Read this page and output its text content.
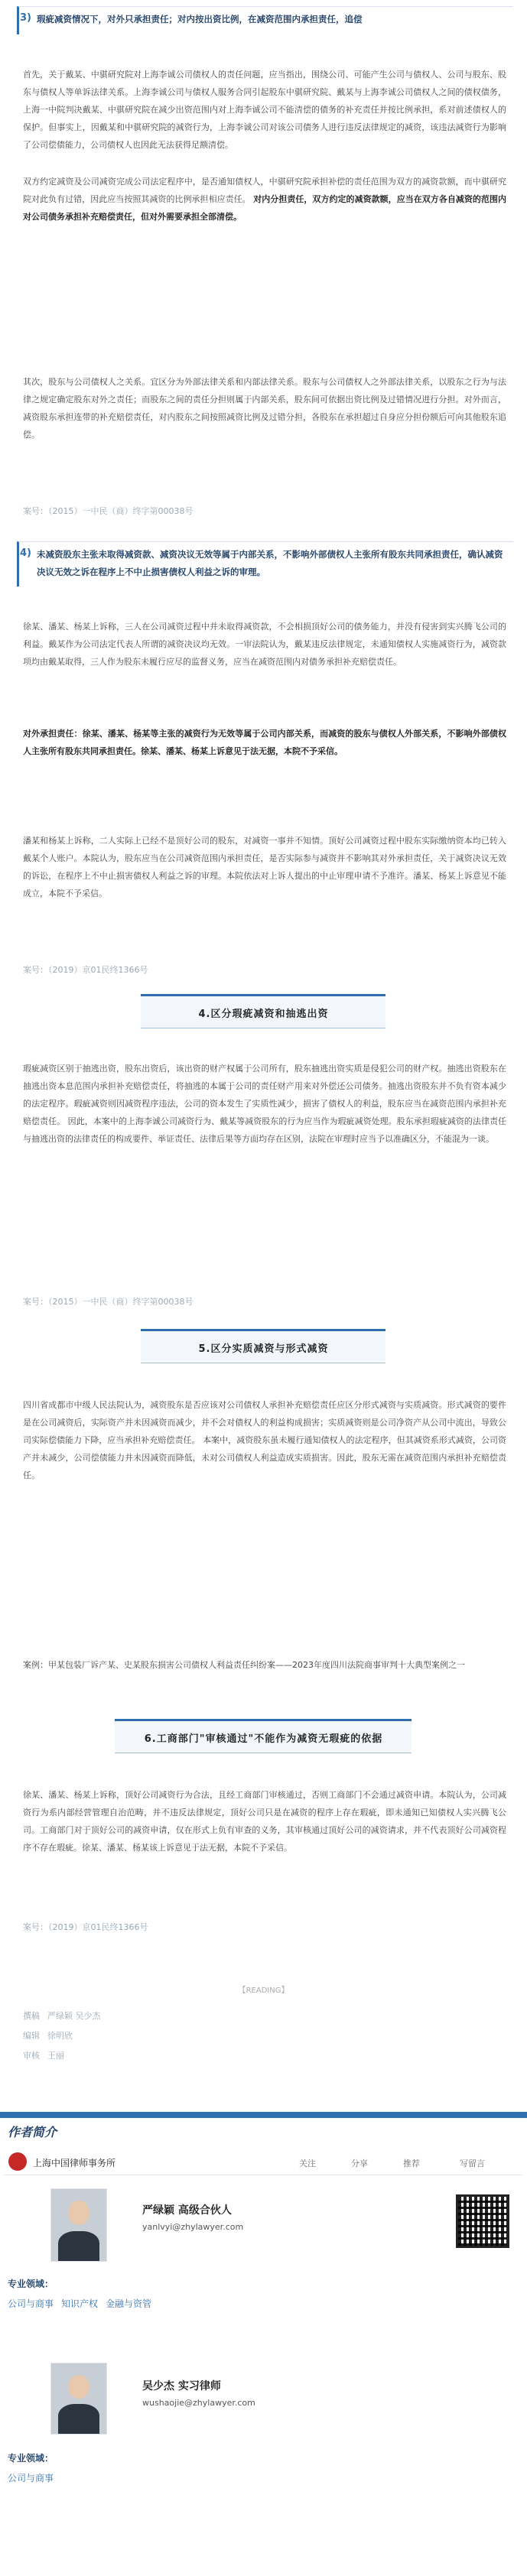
3) 瑕疵减资情况下，对外只承担责任；对内按出资比例，在减资范围内承担责任，追偿

首先，关于戴某、中骐研究院对上海李诚公司债权人的责任问题，应当指出，围绕公司、可能产生公司与债权人、公司与股东、股东与债权人等单诉法律关系。上海李诚公司与债权人服务合同引起股东中骐研究院、戴某与上海李诚公司债权人之间的债权债务，上海一中院判决戴某、中骐研究院在减少出资范围内对上海李诚公司不能清偿的债务的补充责任并按比例承担，系对前述债权人的保护。但事实上，因戴某和中骐研究院的减资行为，上海李诚公司对该公司债务人进行违反法律规定的减资，该违法减资行为影响了公司偿债能力，公司债权人也因此无法获得足额清偿。

双方约定减资及公司减资完成公司法定程序中，是否通知债权人，中骐研究院承担补偿的责任范围为双方的减资款额，而中骐研究院对此负有过错，因此应当按照其减资的比例承担相应责任。 对内分担责任，双方约定的减资款额，应当在双方各自减资的范围内对公司债务承担补充赔偿责任，但对外需要承担全部清偿。

其次，股东与公司债权人之关系。宜区分为外部法律关系和内部法律关系。股东与公司债权人之外部法律关系，以股东之行为与法律之规定确定股东对外之责任；而股东之间的责任分担则属于内部关系，股东间可依据出资比例及过错情况进行分担。对外而言，减资股东承担连带的补充赔偿责任，对内股东之间按照减资比例及过错分担，各股东在承担超过自身应分担份额后可向其他股东追偿。

案号：（2015）一中民（商）终字第00038号
4) 未减资股东主张未取得减资款、减资决议无效等属于内部关系，不影响外部债权人主张所有股东共同承担责任，确认减资决议无效之诉在程序上不中止损害债权人利益之诉的审理。

徐某、潘某、杨某上诉称，三人在公司减资过程中并未取得减资款，不会相损顶好公司的债务能力，并没有侵害到实兴腾飞公司的利益。戴某作为公司法定代表人所谓的减资决议均无效。一审法院认为，戴某违反法律规定，未通知债权人实施减资行为，减资款项均由戴某取得，三人作为股东未履行应尽的监督义务，应当在减资范围内对债务承担补充赔偿责任。

对外承担责任：徐某、潘某、杨某等主张的减资行为无效等属于公司内部关系，而减资的股东与债权人外部关系，不影响外部债权人主张所有股东共同承担责任。徐某、潘某、杨某上诉意见于法无据，本院不予采信。

潘某和杨某上诉称，二人实际上已经不是顶好公司的股东，对减资一事并不知情。顶好公司减资过程中股东实际缴纳资本均已转入戴某个人账户。本院认为，股东应当在公司减资范围内承担责任，是否实际参与减资并不影响其对外承担责任，关于减资决议无效的诉讼，在程序上不中止损害债权人利益之诉的审理。本院依法对上诉人提出的中止审理申请不予准许。潘某、杨某上诉意见不能成立，本院不予采信。

案号：（2019）京01民终1366号
4.区分瑕疵减资和抽逃出资

瑕疵减资区别于抽逃出资，股东出资后，该出资的财产权属于公司所有，股东抽逃出资实质是侵犯公司的财产权。抽逃出资股东在抽逃出资本息范围内承担补充赔偿责任，将抽逃的本属于公司的责任财产用来对外偿还公司债务。抽逃出资股东并不负有资本减少的法定程序。瑕疵减资则因减资程序违法，公司的资本发生了实质性减少，损害了债权人的利益，股东应当在减资范围内承担补充赔偿责任。 因此，本案中的上海李诚公司减资行为、戴某等减资股东的行为应当作为瑕疵减资处理。股东承担瑕疵减资的法律责任与抽逃出资的法律责任的构成要件、举证责任、法律后果等方面均存在区别，法院在审理时应当予以准确区分，不能混为一谈。

案号：（2015）一中民（商）终字第00038号
5.区分实质减资与形式减资

四川省成都市中级人民法院认为，减资股东是否应该对公司债权人承担补充赔偿责任应区分形式减资与实质减资。形式减资的要件是在公司减资后，实际资产并未因减资而减少，并不会对债权人的利益构成损害；实质减资则是公司净资产从公司中流出，导致公司实际偿债能力下降，应当承担补充赔偿责任。 本案中，减资股东虽未履行通知债权人的法定程序，但其减资系形式减资，公司资产并未减少，公司偿债能力并未因减资而降低，未对公司债权人利益造成实质损害。因此，股东无需在减资范围内承担补充赔偿责任。

案例：甲某包装厂诉产某、史某股东损害公司债权人利益责任纠纷案——2023年度四川法院商事审判十大典型案例之一

6.工商部门"审核通过"不能作为减资无瑕疵的依据

徐某、潘某、杨某上诉称，顶好公司减资行为合法，且经工商部门审核通过，否则工商部门不会通过减资申请。本院认为，公司减资行为系内部经营管理自治范畴，并不违反法律规定，顶好公司只是在减资的程序上存在瑕疵，即未通知已知债权人实兴腾飞公司。工商部门对于顶好公司的减资申请，仅在形式上负有审查的义务，其审核通过顶好公司的减资请求，并不代表顶好公司减资程序不存在瑕疵。徐某、潘某、杨某该上诉意见于法无据，本院不予采信。

案号：（2019）京01民终1366号
【READING】
撰稿 严绿颖 吴少杰
编辑 徐明欣
审核 王丽
作者简介
上海中国律师事务所	关注	分享	推荐	写留言
严绿颖 高级合伙人
yanlvyi@zhylawyer.com
专业领域：
公司与商事 知识产权 金融与资管
吴少杰 实习律师
wushaojie@zhylawyer.com
专业领域：
公司与商事
